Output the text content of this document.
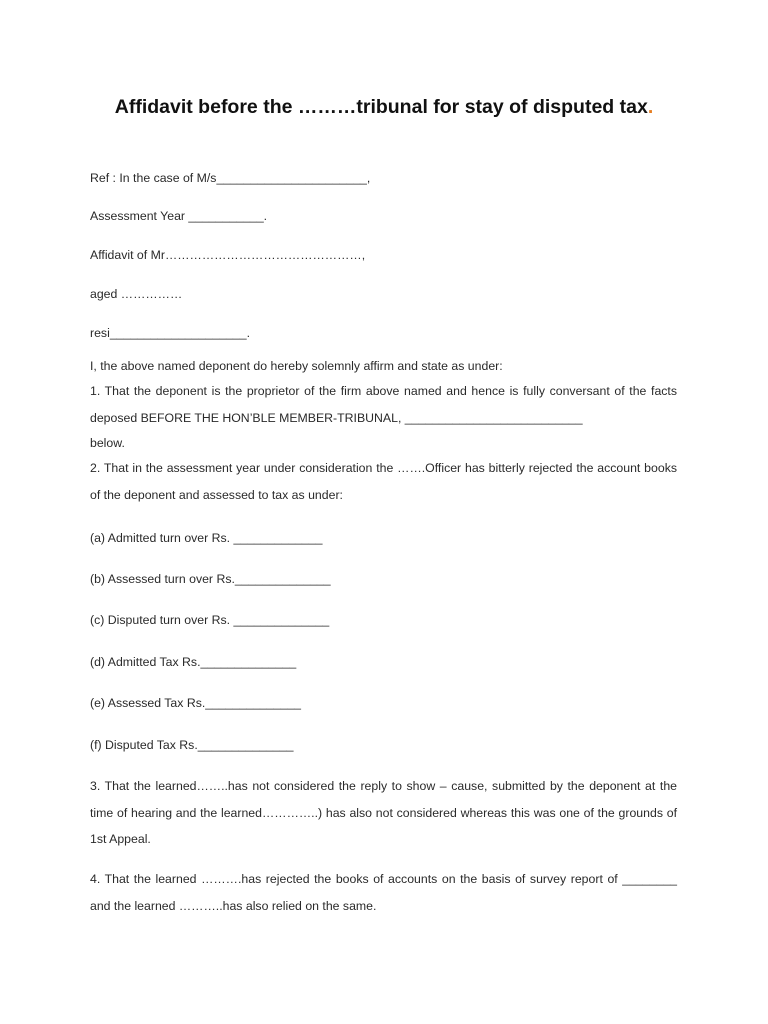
Affidavit before the ………tribunal for stay of disputed tax.
Ref : In the case of M/s______________________,
Assessment Year ___________.
Affidavit of Mr…………………………………………,
aged ……………
resi____________________.
I, the above named deponent do hereby solemnly affirm and state as under:
1. That the deponent is the proprietor of the firm above named and hence is fully conversant of the facts deposed BEFORE THE HON’BLE MEMBER-TRIBUNAL, __________________________
below.
2. That in the assessment year under consideration the …….Officer has bitterly rejected the account books of the deponent and assessed to tax as under:
(a) Admitted turn over Rs. _____________
(b) Assessed turn over Rs.______________
(c) Disputed turn over Rs. ______________
(d) Admitted Tax Rs.______________
(e) Assessed Tax Rs.______________
(f) Disputed Tax Rs.______________
3. That the learned……..has not considered the reply to show – cause, submitted by the deponent at the time of hearing and the learned…………..) has also not considered whereas this was one of the grounds of 1st Appeal.
4. That the learned ……….has rejected the books of accounts on the basis of survey report of ________ and the learned ………..has also relied on the same.
